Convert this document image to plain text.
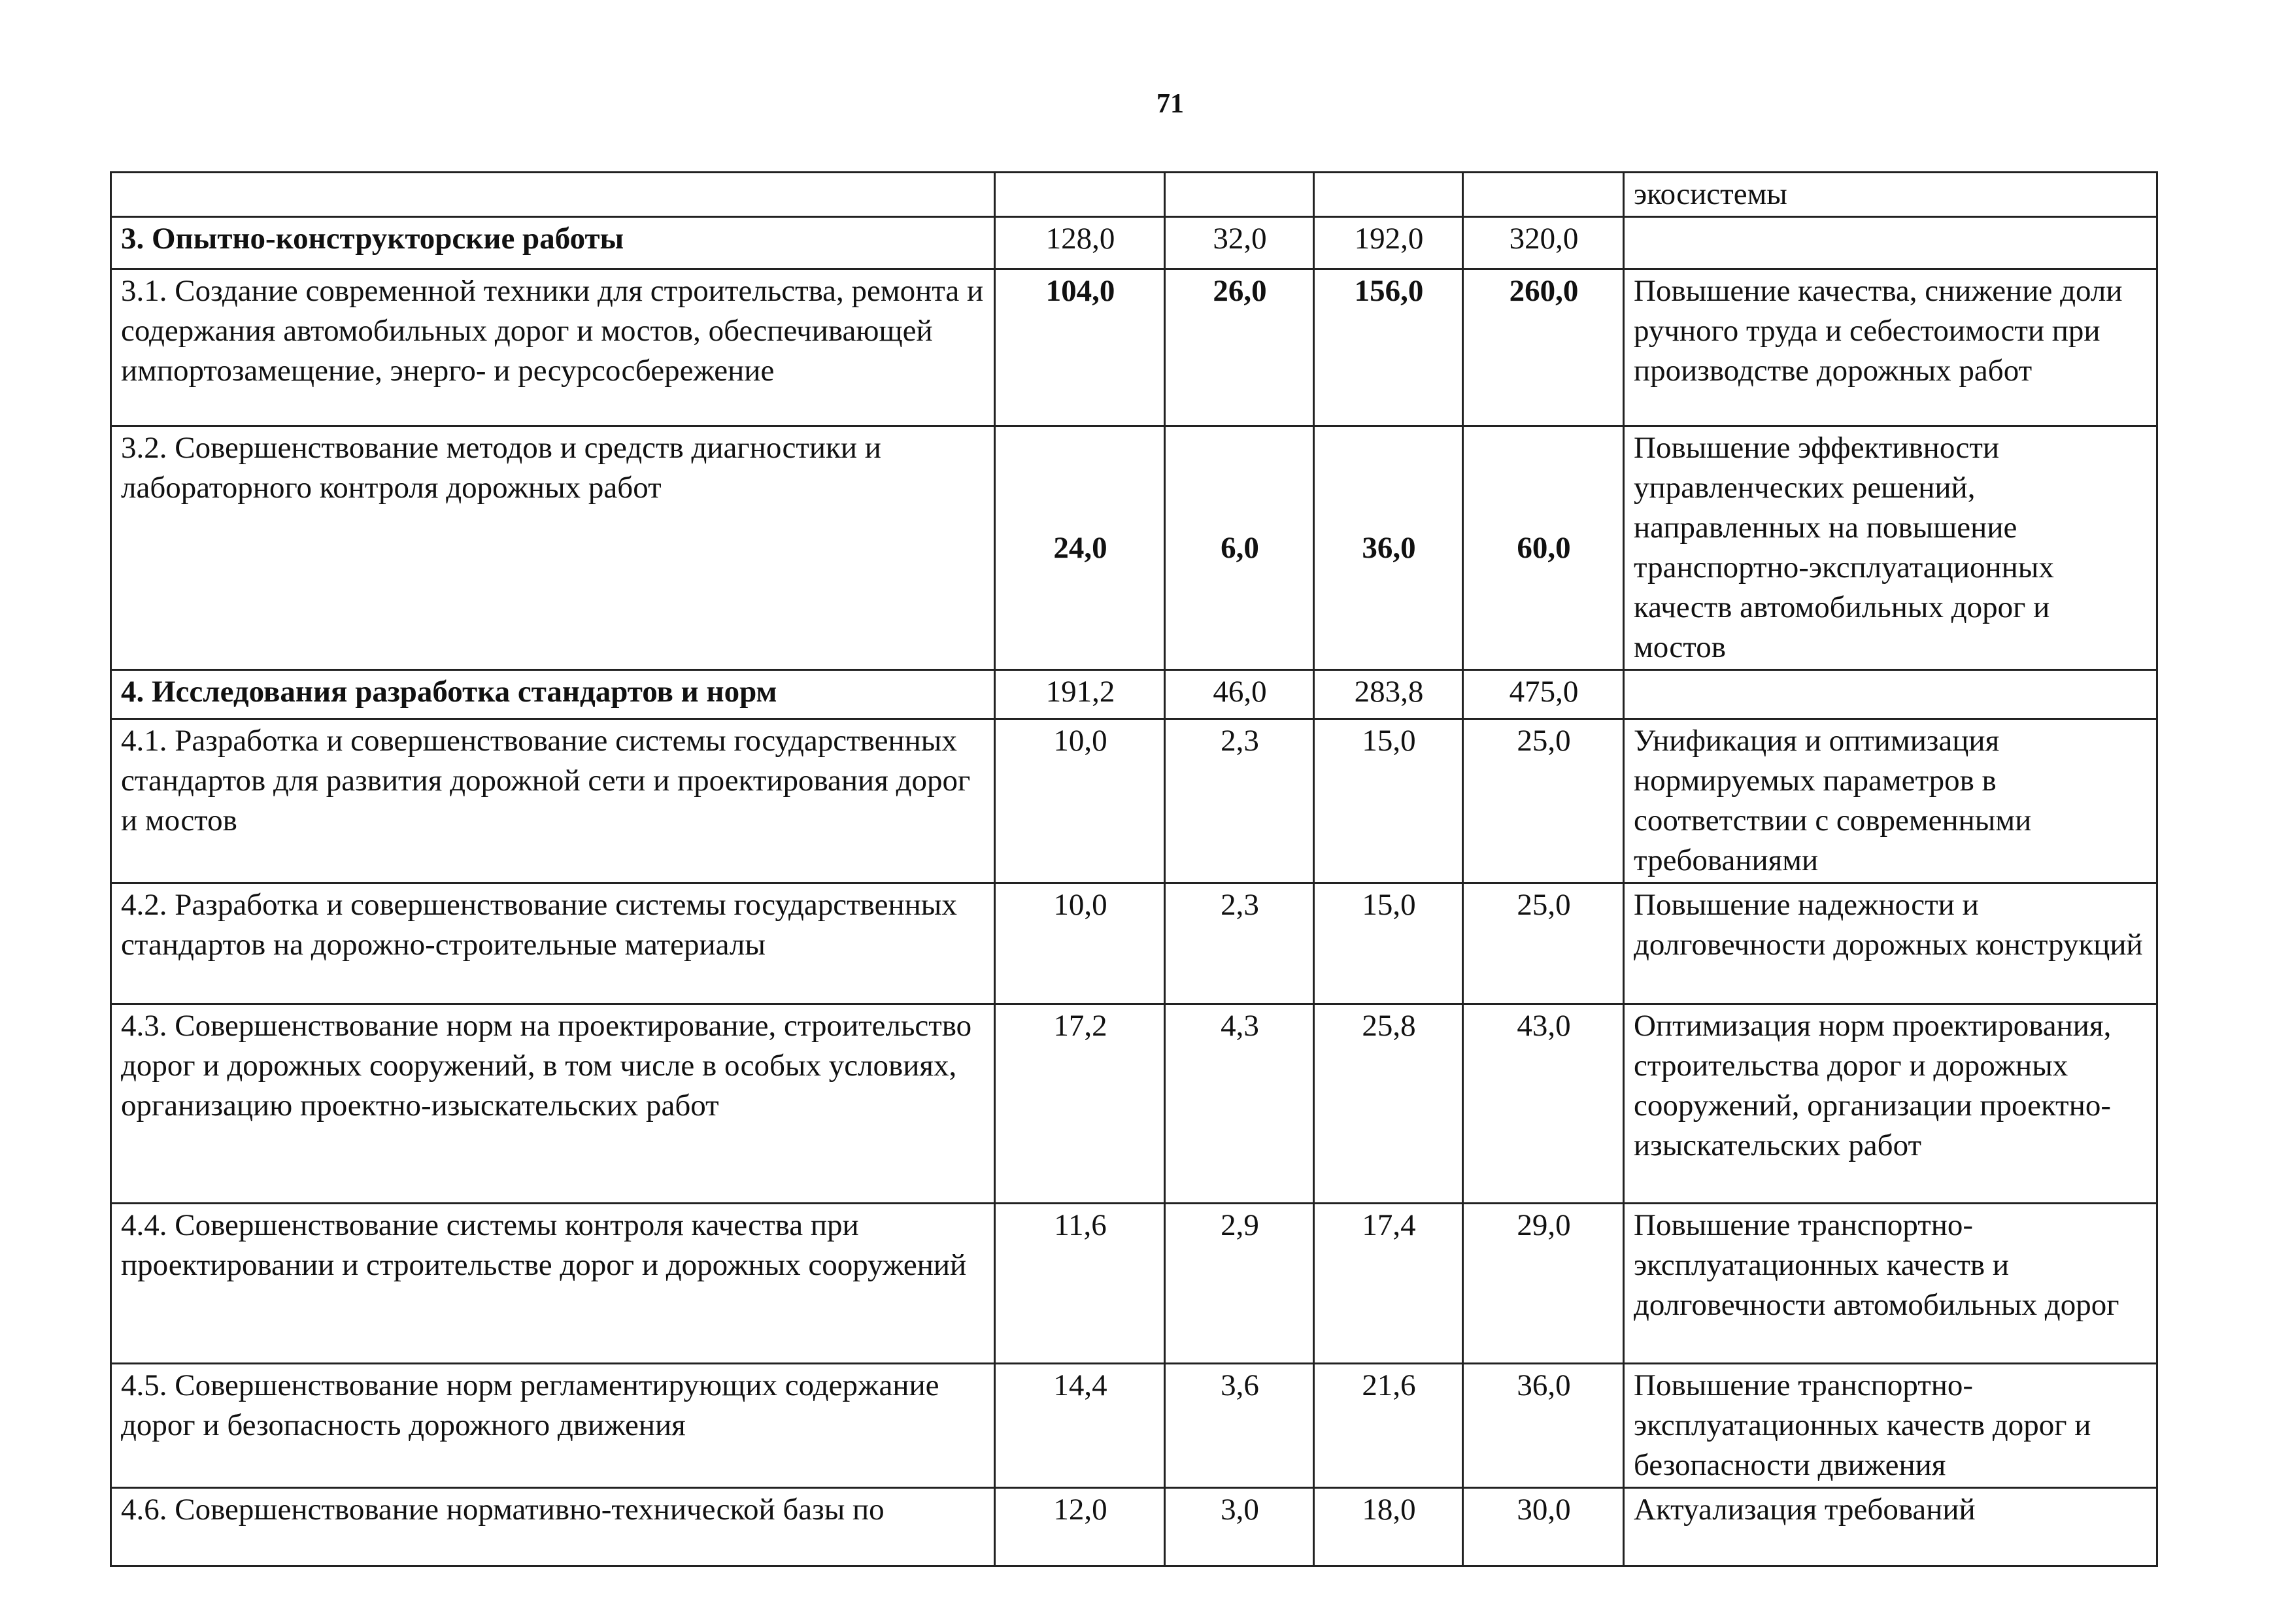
71
					экосистемы
3. Опытно-конструкторские работы	128,0	32,0	192,0	320,0	
3.1. Создание современной техники для строительства, ремонта и содержания автомобильных дорог и мостов, обеспечивающей импортозамещение, энерго- и ресурсосбережение	104,0	26,0	156,0	260,0	Повышение качества, снижение доли ручного труда и себестоимости при производстве дорожных работ
3.2. Совершенствование методов и средств диагностики и лабораторного контроля дорожных работ	24,0	6,0	36,0	60,0	Повышение эффективности управленческих решений, направленных на повышение транспортно-эксплуатационных качеств автомобильных дорог и мостов
4. Исследования разработка стандартов и норм	191,2	46,0	283,8	475,0	
4.1. Разработка и совершенствование системы государственных стандартов для развития дорожной сети и проектирования дорог и мостов	10,0	2,3	15,0	25,0	Унификация и оптимизация нормируемых параметров в соответствии с современными требованиями
4.2. Разработка и совершенствование системы государственных стандартов на дорожно-строительные материалы	10,0	2,3	15,0	25,0	Повышение надежности и долговечности дорожных конструкций
4.3. Совершенствование норм на проектирование, строительство дорог и дорожных сооружений, в том числе в особых условиях, организацию проектно-изыскательских работ	17,2	4,3	25,8	43,0	Оптимизация норм проектирования, строительства дорог и дорожных сооружений, организации проектно-изыскательских работ
4.4. Совершенствование системы контроля качества при проектировании и строительстве дорог и дорожных сооружений	11,6	2,9	17,4	29,0	Повышение транспортно-эксплуатационных качеств и долговечности автомобильных дорог
4.5. Совершенствование норм регламентирующих содержание дорог и безопасность дорожного движения	14,4	3,6	21,6	36,0	Повышение транспортно-эксплуатационных качеств дорог и безопасности движения
4.6. Совершенствование нормативно-технической базы по	12,0	3,0	18,0	30,0	Актуализация требований
